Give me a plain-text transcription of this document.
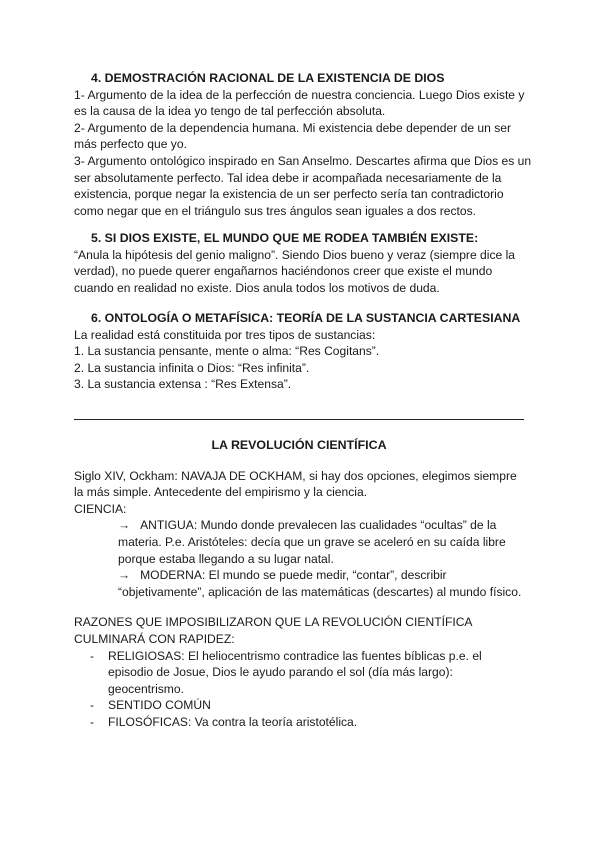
4. DEMOSTRACIÓN RACIONAL DE LA EXISTENCIA DE DIOS

1- Argumento de la idea de la perfección de nuestra conciencia. Luego Dios existe y es la causa de la idea yo tengo de tal perfección absoluta.

2- Argumento de la dependencia humana. Mi existencia debe depender de un ser más perfecto que yo.

3- Argumento ontológico inspirado en San Anselmo. Descartes afirma que Dios es un ser absolutamente perfecto. Tal idea debe ir acompañada necesariamente de la existencia, porque negar la existencia de un ser perfecto sería tan contradictorio como negar que en el triángulo sus tres ángulos sean iguales a dos rectos.

5. SI DIOS EXISTE, EL MUNDO QUE ME RODEA TAMBIÉN EXISTE:

“Anula la hipótesis del genio maligno”. Siendo Dios bueno y veraz (siempre dice la verdad), no puede querer engañarnos haciéndonos creer que existe el mundo cuando en realidad no existe. Dios anula todos los motivos de duda.

6. ONTOLOGÍA O METAFÍSICA: TEORÍA DE LA SUSTANCIA CARTESIANA

La realidad está constituida por tres tipos de sustancias:

1. La sustancia pensante, mente o alma: “Res Cogitans”.

2. La sustancia infinita o Dios: “Res infinita”.

3. La sustancia extensa : “Res Extensa”.

LA REVOLUCIÓN CIENTÍFICA

Siglo XIV, Ockham: NAVAJA DE OCKHAM, si hay dos opciones, elegimos siempre la más simple. Antecedente del empirismo y la ciencia.

CIENCIA:

→ ANTIGUA: Mundo donde prevalecen las cualidades “ocultas” de la materia. P.e. Aristóteles: decía que un grave se aceleró en su caída libre porque estaba llegando a su lugar natal.

→ MODERNA: El mundo se puede medir, “contar”, describir “objetivamente”, aplicación de las matemáticas (descartes) al mundo físico.

RAZONES QUE IMPOSIBILIZARON QUE LA REVOLUCIÓN CIENTÍFICA CULMINARÁ CON RAPIDEZ:

- RELIGIOSAS: El heliocentrismo contradice las fuentes bíblicas p.e. el episodio de Josue, Dios le ayudo parando el sol (día más largo): geocentrismo.
- SENTIDO COMÚN
- FILOSÓFICAS: Va contra la teoría aristotélica.
